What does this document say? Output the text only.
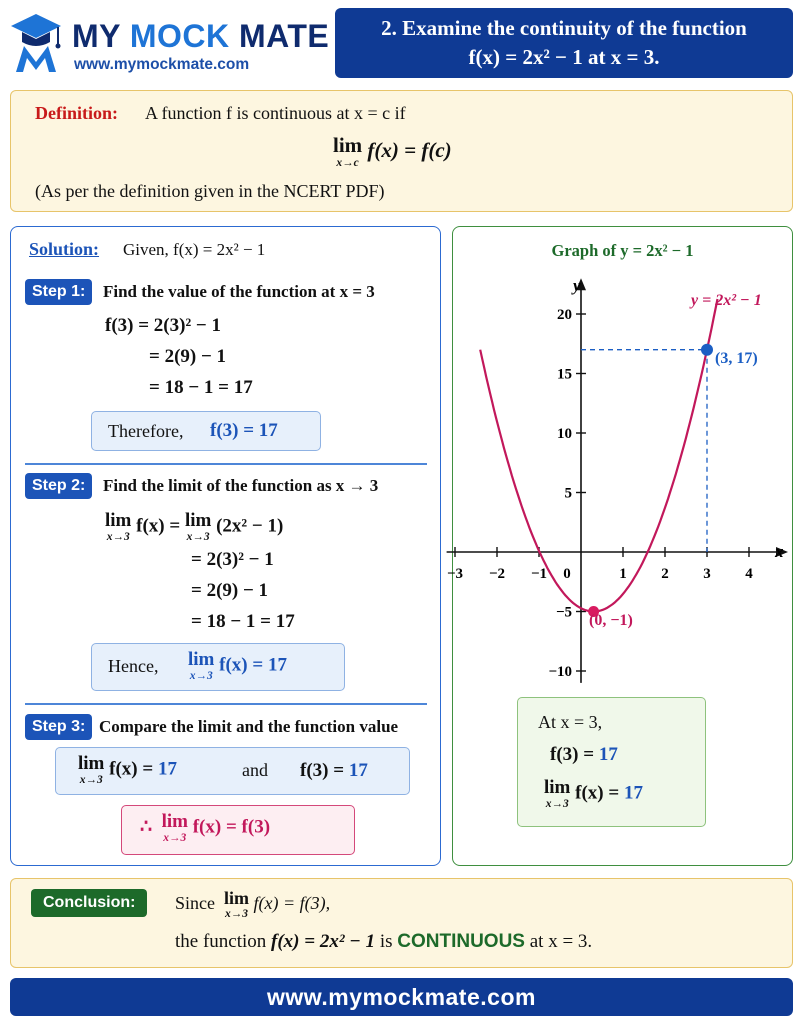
MY MOCK MATE
www.mymockmate.com
2. Examine the continuity of the function
f(x) = 2x² − 1 at x = 3.
Definition: A function f is continuous at x = c if
lim
x→c
f(x) = f(c)
(As per the definition given in the NCERT PDF)
Solution: Given, f(x) = 2x² − 1
Step 1:	Find the value of the function at x = 3
f(3) = 2(3)² − 1
= 2(9) − 1
= 18 − 1 = 17
Therefore, f(3) = 17
Step 2:	Find the limit of the function as x → 3
lim
x→3
f(x) = lim
x→3
(2x² − 1)
= 2(3)² − 1
= 2(9) − 1
= 18 − 1 = 17
Hence, lim
x→3
f(x) = 17
Step 3: Compare the limit and the function value
lim
x→3
f(x) = 17	and f(3) = 17
∴ lim
x→3
f(x) = f(3)
Graph of y = 2x² − 1
−3 −2 −1 0	1 2 3 4
20
15
10
5
−5
−10
y = 2x² − 1
x
y
(3, 17)
(0, −1)
At x = 3,
f(3) = 17
lim
x→3
f(x) = 17
Conclusion:	Since lim
x→3
f(x) = f(3),
the function f(x) = 2x² − 1 is CONTINUOUS at x = 3.
www.mymockmate.com
